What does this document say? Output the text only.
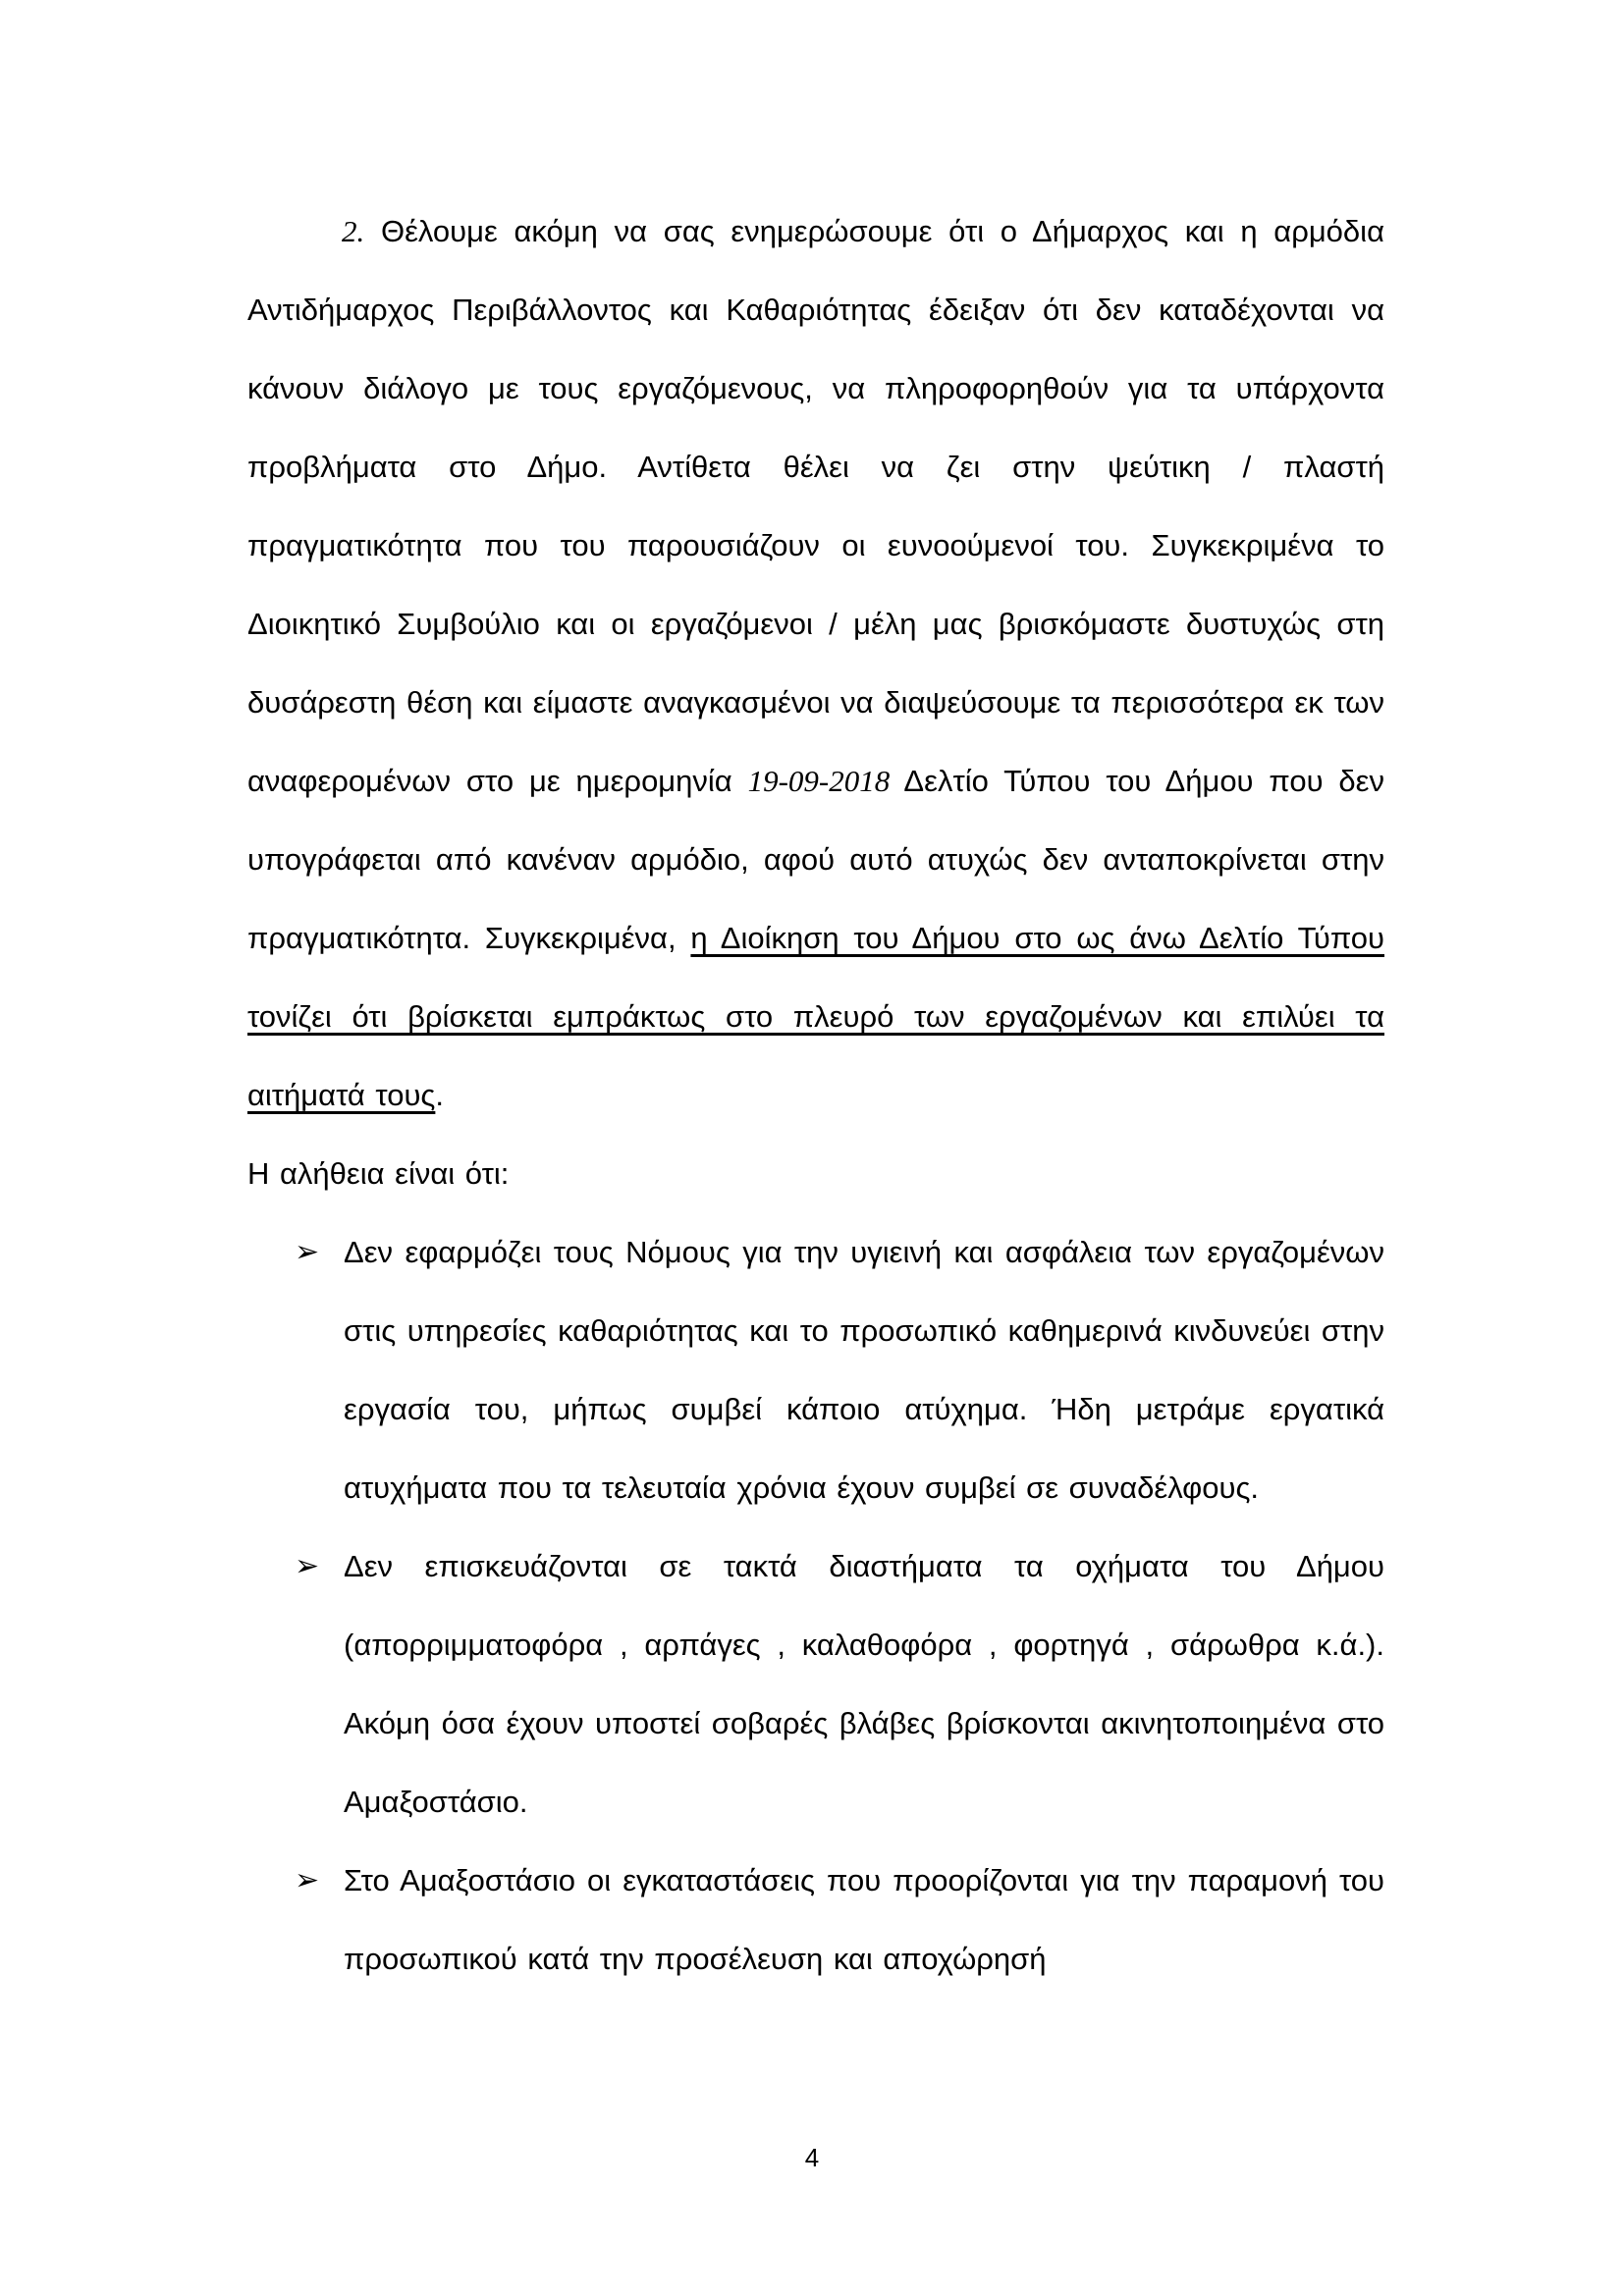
2. Θέλουμε ακόμη να σας ενημερώσουμε ότι ο Δήμαρχος και η αρμόδια Αντιδήμαρχος Περιβάλλοντος και Καθαριότητας έδειξαν ότι δεν καταδέχονται να κάνουν διάλογο με τους εργαζόμενους, να πληροφορηθούν για τα υπάρχοντα προβλήματα στο Δήμο. Αντίθετα θέλει να ζει στην ψεύτικη / πλαστή πραγματικότητα που του παρουσιάζουν οι ευνοούμενοί του. Συγκεκριμένα το Διοικητικό Συμβούλιο και οι εργαζόμενοι / μέλη μας βρισκόμαστε δυστυχώς στη δυσάρεστη θέση και είμαστε αναγκασμένοι να διαψεύσουμε τα περισσότερα εκ των αναφερομένων στο με ημερομηνία 19-09-2018 Δελτίο Τύπου του Δήμου που δεν υπογράφεται από κανέναν αρμόδιο, αφού αυτό ατυχώς δεν ανταποκρίνεται στην πραγματικότητα. Συγκεκριμένα, η Διοίκηση του Δήμου στο ως άνω Δελτίο Τύπου τονίζει ότι βρίσκεται εμπράκτως στο πλευρό των εργαζομένων και επιλύει τα αιτήματά τους.

Η αλήθεια είναι ότι:

➢ Δεν εφαρμόζει τους Νόμους για την υγιεινή και ασφάλεια των εργαζομένων στις υπηρεσίες καθαριότητας και το προσωπικό καθημερινά κινδυνεύει στην εργασία του, μήπως συμβεί κάποιο ατύχημα. Ήδη μετράμε εργατικά ατυχήματα που τα τελευταία χρόνια έχουν συμβεί σε συναδέλφους.
➢ Δεν επισκευάζονται σε τακτά διαστήματα τα οχήματα του Δήμου (απορριμματοφόρα , αρπάγες , καλαθοφόρα , φορτηγά , σάρωθρα κ.ά.). Ακόμη όσα έχουν υποστεί σοβαρές βλάβες βρίσκονται ακινητοποιημένα στο Αμαξοστάσιο.
➢ Στο Αμαξοστάσιο οι εγκαταστάσεις που προορίζονται για την παραμονή του προσωπικού κατά την προσέλευση και αποχώρησή
4
